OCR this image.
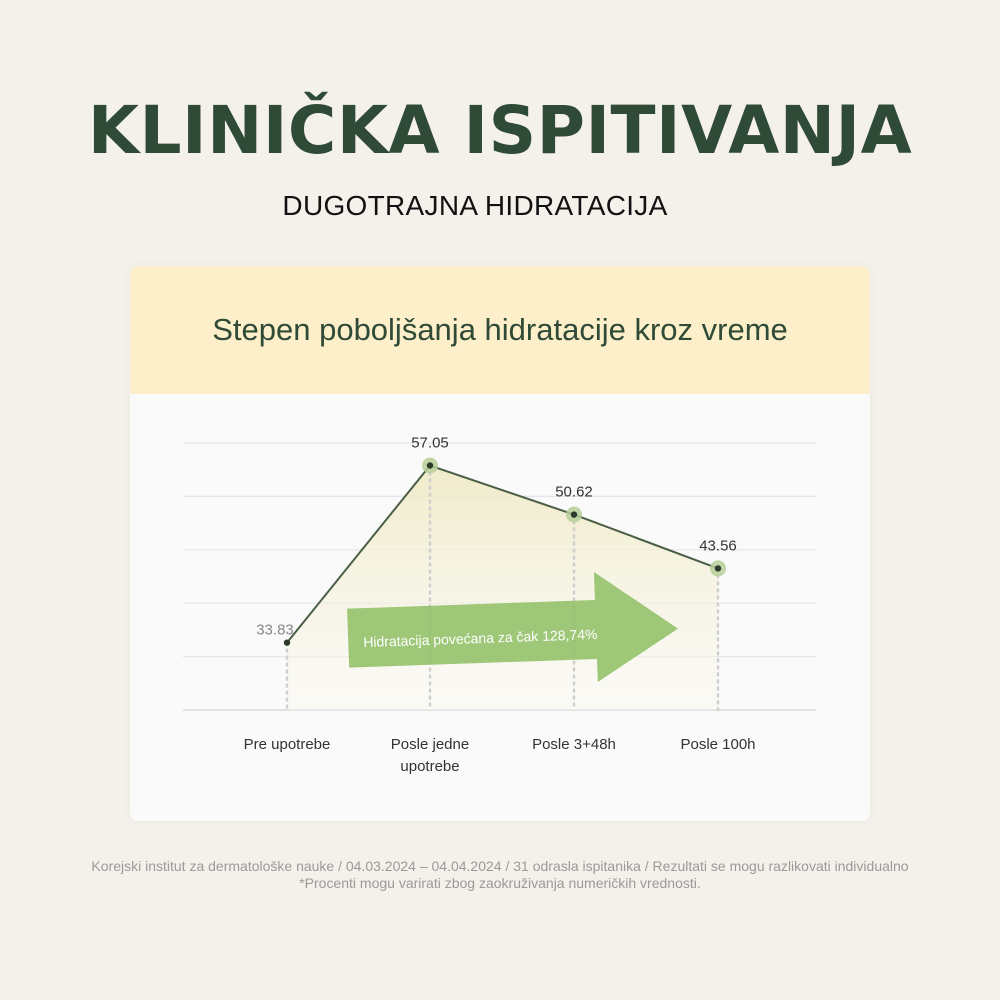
KLINIČKA ISPITIVANJA
DUGOTRAJNA HIDRATACIJA
Stepen poboljšanja hidratacije kroz vreme
Hidratacija povećana za čak 128,74%
33.83
57.05
50.62
43.56
Pre upotrebe	Posle jedne
upotrebe
Posle 3+48h	Posle 100h
Korejski institut za dermatološke nauke / 04.03.2024 – 04.04.2024 / 31 odrasla ispitanika / Rezultati se mogu razlikovati individualno
*Procenti mogu varirati zbog zaokruživanja numeričkih vrednosti.
